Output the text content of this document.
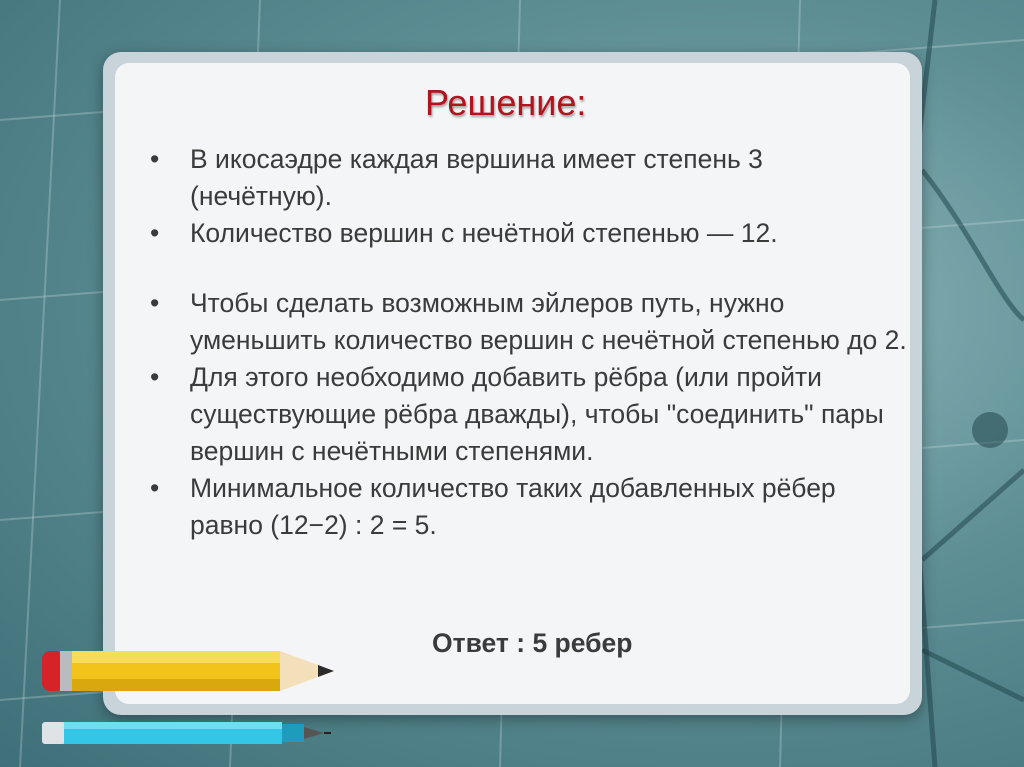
Решение:
• В икосаэдре каждая вершина имеет степень 3 (нечётную).
• Количество вершин с нечётной степенью — 12.
• Чтобы сделать возможным эйлеров путь, нужно уменьшить количество вершин с нечётной степенью до 2.
• Для этого необходимо добавить рёбра (или пройти существующие рёбра дважды), чтобы "соединить" пары вершин с нечётными степенями.
• Минимальное количество таких добавленных рёбер равно (12−2) : 2 = 5.
Ответ : 5 ребер
